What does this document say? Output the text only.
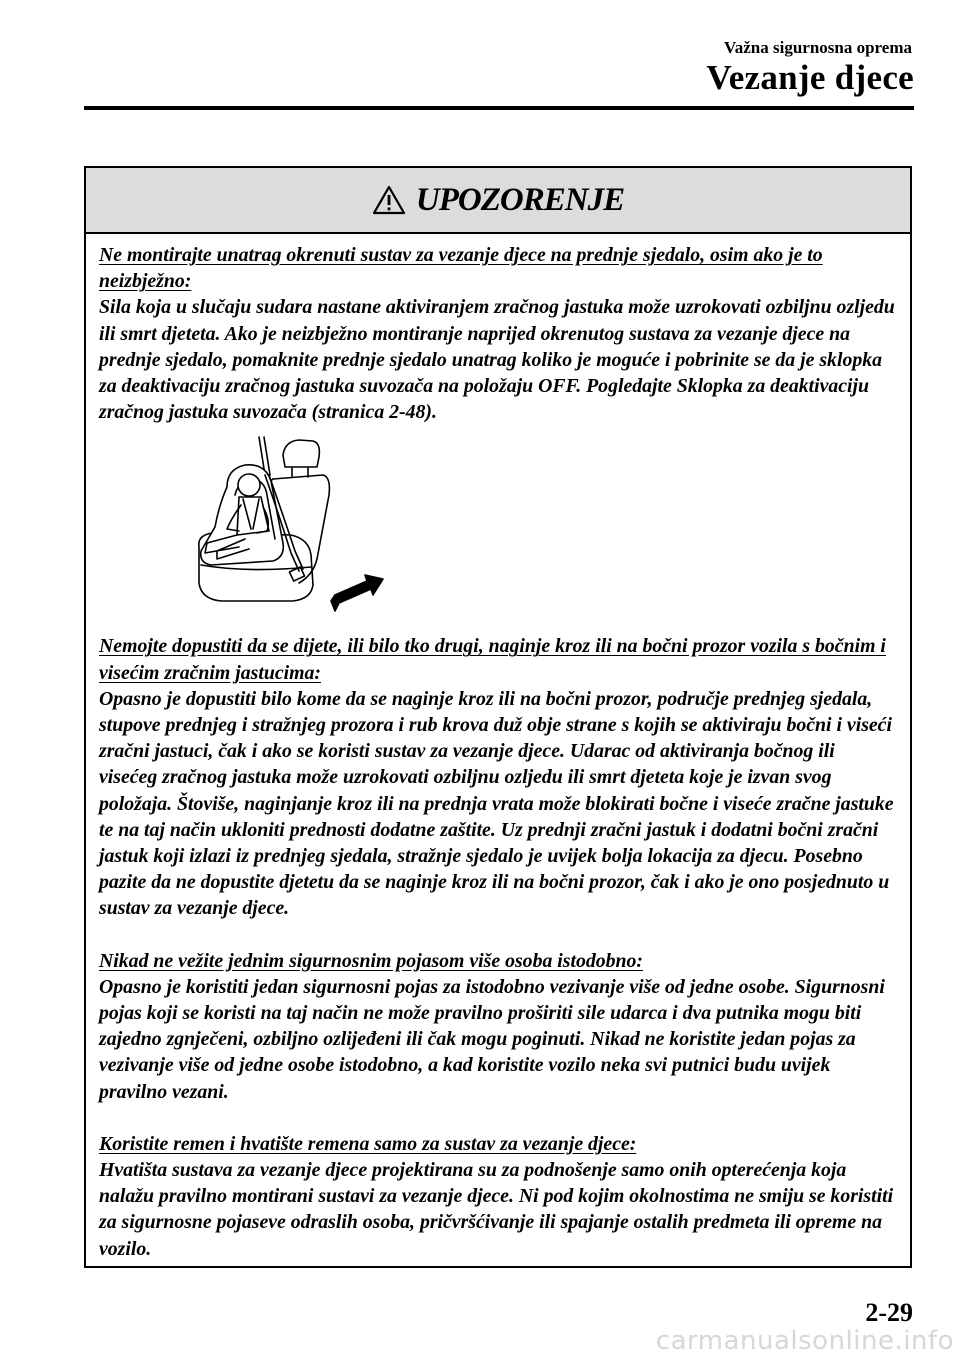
Važna sigurnosna oprema
Vezanje djece
UPOZORENJE

Ne montirajte unatrag okrenuti sustav za vezanje djece na prednje sjedalo, osim ako je to neizbježno:
Sila koja u slučaju sudara nastane aktiviranjem zračnog jastuka može uzrokovati ozbiljnu ozljedu ili smrt djeteta. Ako je neizbježno montiranje naprijed okrenutog sustava za vezanje djece na prednje sjedalo, pomaknite prednje sjedalo unatrag koliko je moguće i pobrinite se da je sklopka za deaktivaciju zračnog jastuka suvozača na položaju OFF. Pogledajte Sklopka za deaktivaciju zračnog jastuka suvozača (stranica 2-48).

Nemojte dopustiti da se dijete, ili bilo tko drugi, naginje kroz ili na bočni prozor vozila s bočnim i visećim zračnim jastucima:
Opasno je dopustiti bilo kome da se naginje kroz ili na bočni prozor, područje prednjeg sjedala, stupove prednjeg i stražnjeg prozora i rub krova duž obje strane s kojih se aktiviraju bočni i viseći zračni jastuci, čak i ako se koristi sustav za vezanje djece. Udarac od aktiviranja bočnog ili visećeg zračnog jastuka može uzrokovati ozbiljnu ozljedu ili smrt djeteta koje je izvan svog položaja. Štoviše, naginjanje kroz ili na prednja vrata može blokirati bočne i viseće zračne jastuke te na taj način ukloniti prednosti dodatne zaštite. Uz prednji zračni jastuk i dodatni bočni zračni jastuk koji izlazi iz prednjeg sjedala, stražnje sjedalo je uvijek bolja lokacija za djecu. Posebno pazite da ne dopustite djetetu da se naginje kroz ili na bočni prozor, čak i ako je ono posjednuto u sustav za vezanje djece.

Nikad ne vežite jednim sigurnosnim pojasom više osoba istodobno:
Opasno je koristiti jedan sigurnosni pojas za istodobno vezivanje više od jedne osobe. Sigurnosni pojas koji se koristi na taj način ne može pravilno proširiti sile udarca i dva putnika mogu biti zajedno zgnječeni, ozbiljno ozlijeđeni ili čak mogu poginuti. Nikad ne koristite jedan pojas za vezivanje više od jedne osobe istodobno, a kad koristite vozilo neka svi putnici budu uvijek pravilno vezani.

Koristite remen i hvatište remena samo za sustav za vezanje djece:
Hvatišta sustava za vezanje djece projektirana su za podnošenje samo onih opterećenja koja nalažu pravilno montirani sustavi za vezanje djece. Ni pod kojim okolnostima ne smiju se koristiti za sigurnosne pojaseve odraslih osoba, pričvršćivanje ili spajanje ostalih predmeta ili opreme na vozilo.

2-29
carmanualsonline.info
